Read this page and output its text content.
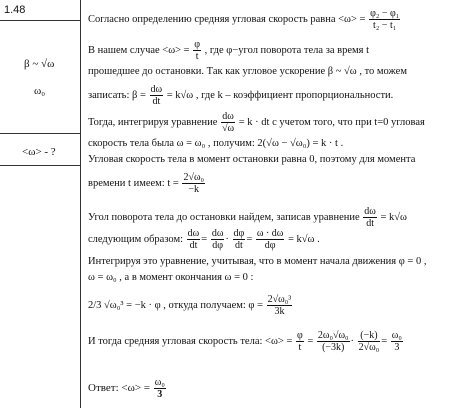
1.48
β ~ √ω
ω₀
<ω> - ?
Согласно определению средняя угловая скорость равна $<\omega> = \frac{\text{φ₂ − φ₁}}{\text{t₂ − t₁}}$
В нашем случае $<\omega> = \frac{\varphi}{t}$ , где φ−угол поворота тела за время t
прошедшее до остановки. Так как угловое ускорение β ~ √ω , то можем
записать: $\beta = \frac{d\omega}{dt} = k√\omega$ , где k – коэффициент пропорциональности.
Тогда, интегрируя уравнение $\frac{d\omega}{√\omega} = k$ · dt с учетом того, что при t=0 угловая
скорость тела была ω = ω₀ , получим: 2(√ω − √ω₀) = k · t .
Угловая скорость тела в момент остановки равна 0, поэтому для момента
времени t имеем: $t = \frac{\text{2√ω₀}}{-k}$
Угол поворота тела до остановки найдем, записав уравнение $\frac{d\omega}{dt} = k√\omega$
следующим образом: $\frac{d\omega}{dt} = \frac{d\omega}{d\varphi} \cdot \frac{d\varphi}{dt} = \frac{\omega \cdot d\omega}{d\varphi} = k√\omega$ .
Интегрируя это уравнение, учитывая, что в момент начала движения φ = 0 ,
ω = ω₀ , а в момент окончания ω = 0 :
2/3 √ω₀³ = −k · φ , откуда получаем: $\varphi = \frac{\text{2√ω₀³}}{3k}$
И тогда средняя угловая скорость тела: $<\omega> = \frac{\varphi}{t} = \frac{\text{2ω₀√ω₀}}{(-3k)} \cdot \frac{(-k)}{\text{2√ω₀}} = \frac{\text{ω₀}}{3}$
Ответ: $<\omega> = \frac{\text{ω₀}}{3}$
